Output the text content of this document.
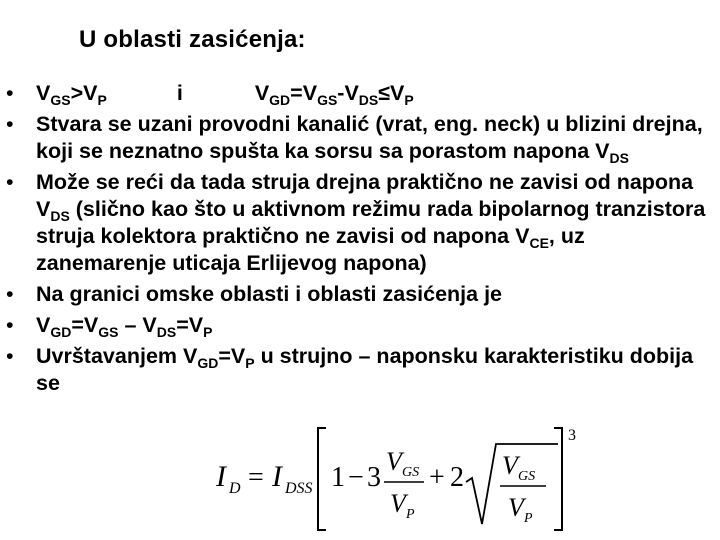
U oblasti zasićenja:
• $V_{GS}>V_P$	i	$V_{GD}=V_{GS}-V_{DS}\le V_P$
• Stvara se uzani provodni kanalić (vrat, eng. neck) u blizini drejna, koji se neznatno spušta ka sorsu sa porastom napona $V_{DS}$
• Može se reći da tada struja drejna praktično ne zavisi od napona $V_{DS}$ (slično kao što u aktivnom režimu rada bipolarnog tranzistora struja kolektora praktično ne zavisi od napona $V_{CE}$, uz zanemarenje uticaja Erlijevog napona)
• Na granici omske oblasti i oblasti zasićenja je
• $V_{GD}=V_{GS} - V_{DS}=V_P$
• Uvrštavanjem $V_{GD}=V_P$ u strujno – naponsku karakteristiku dobija se
I D = I DSS 1 − 3
V GS
V P
+ 2 V GS
V P
3
